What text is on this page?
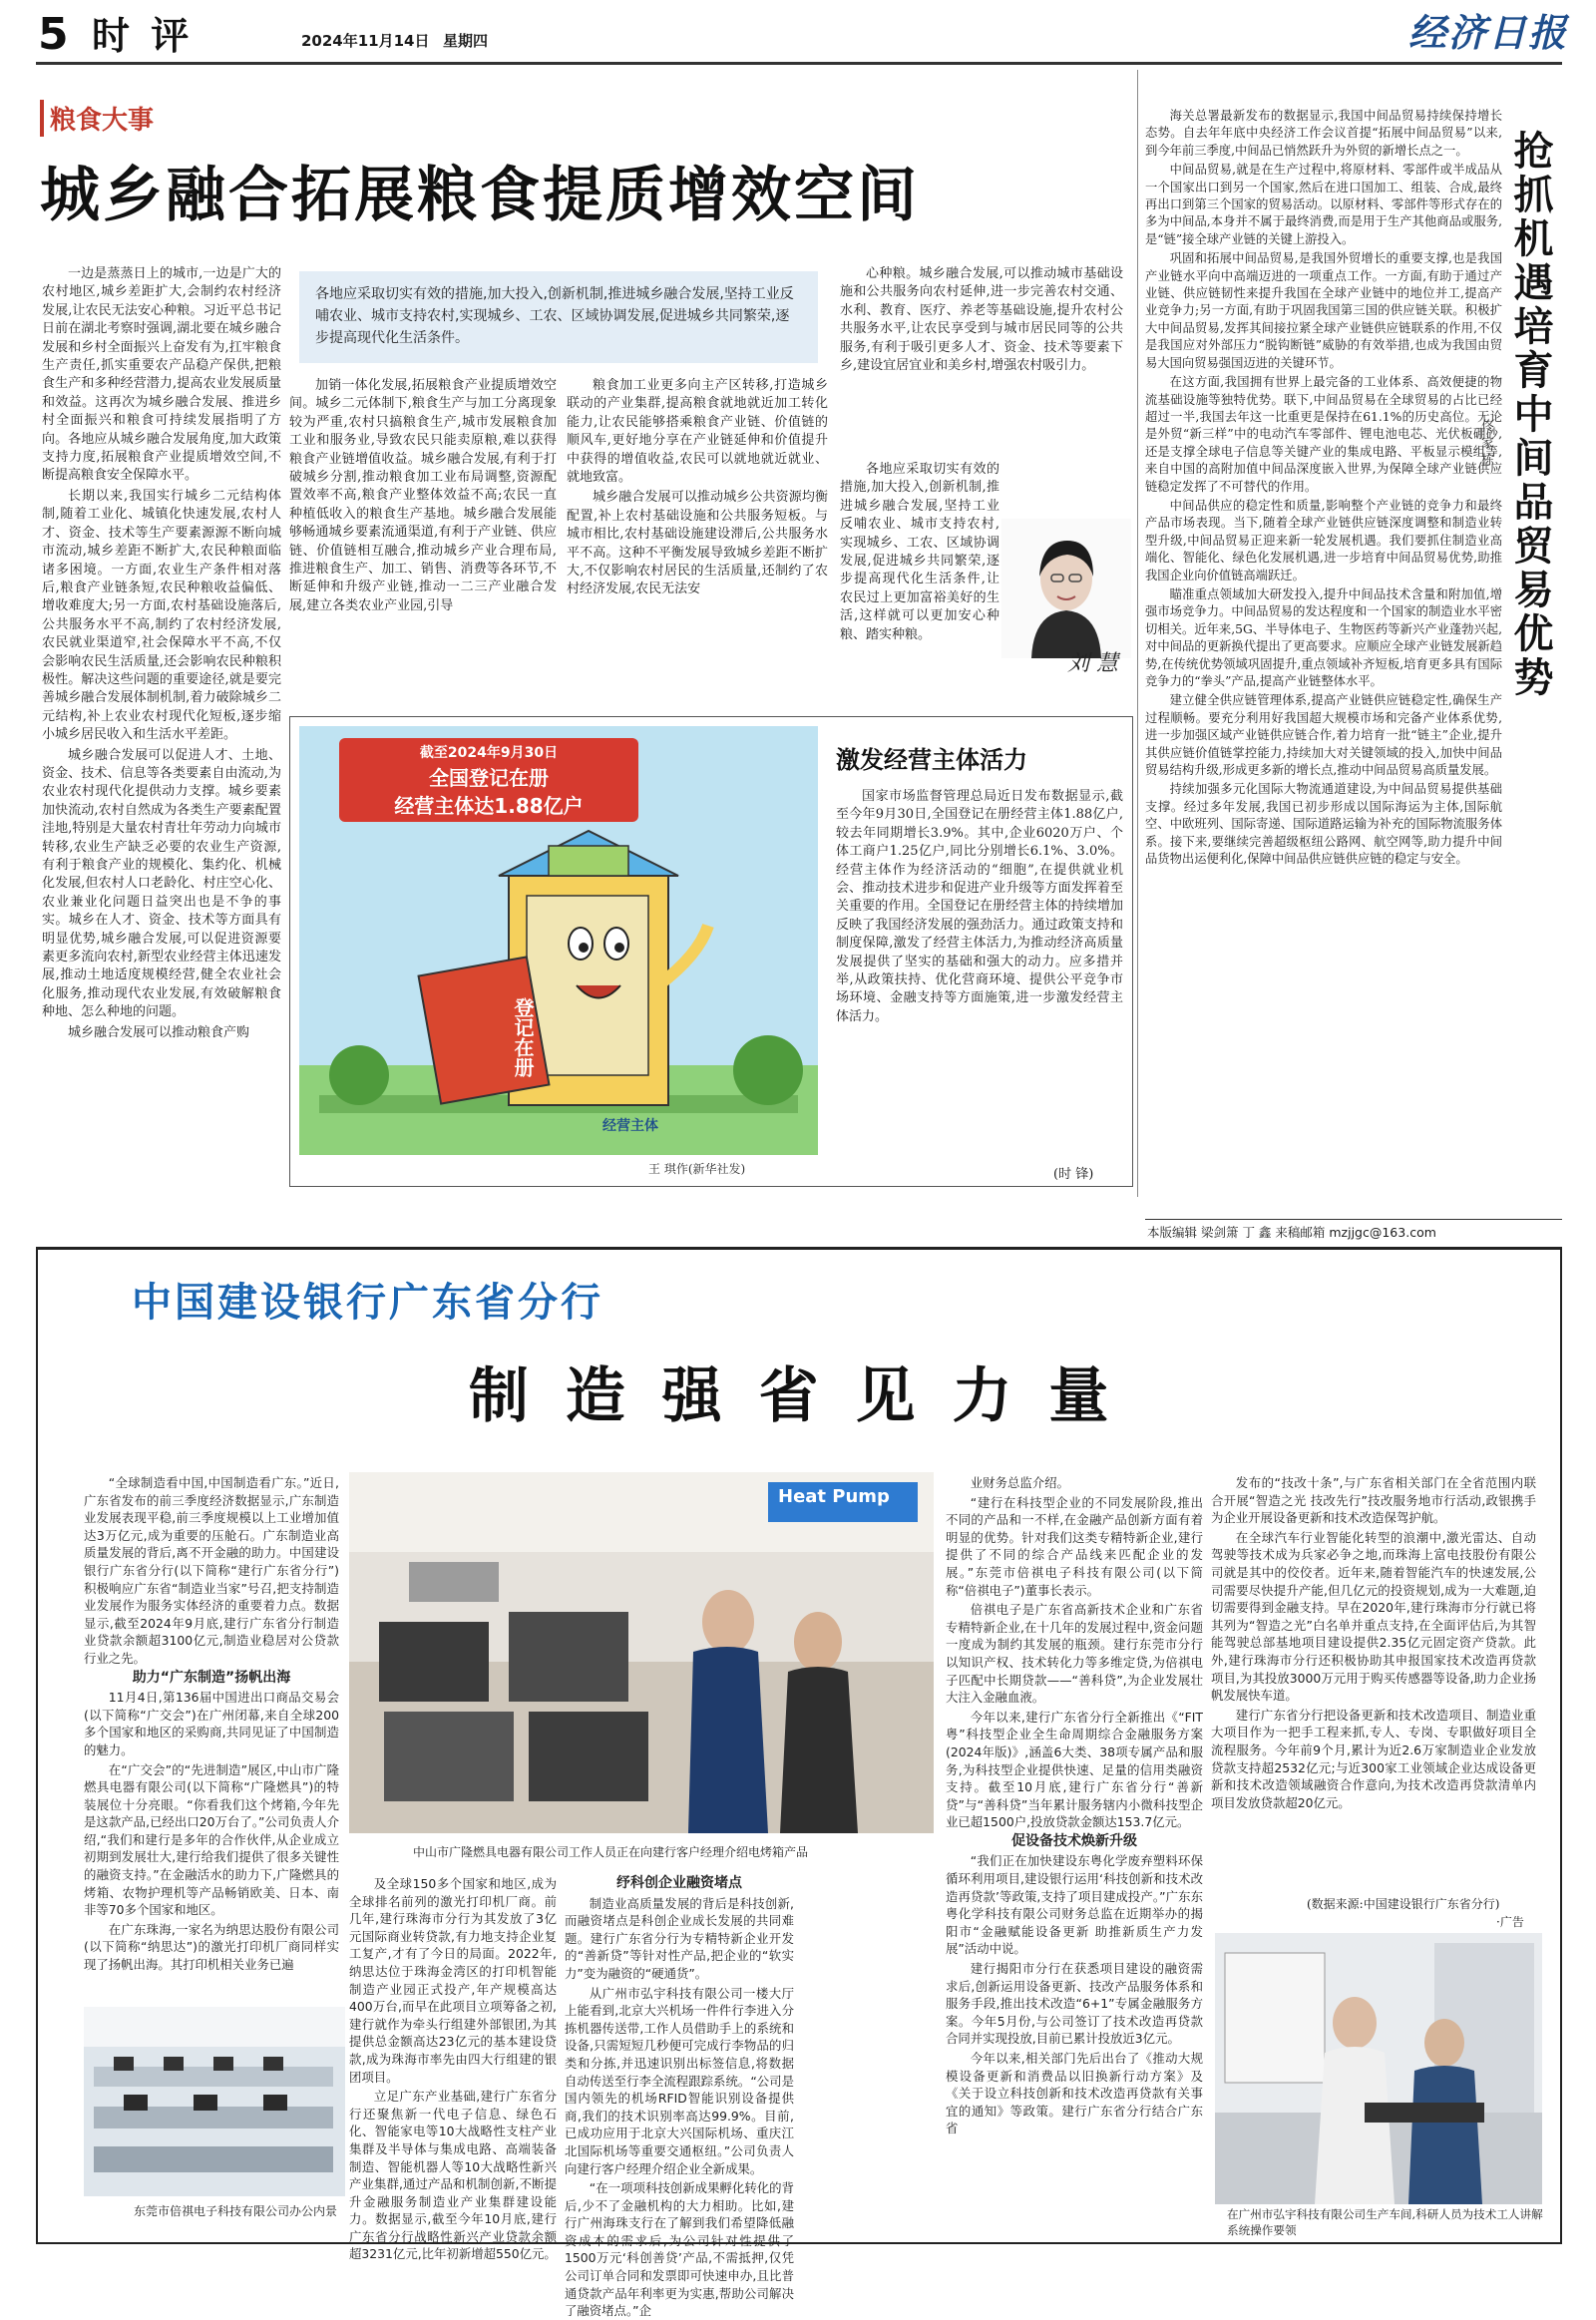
5 时 评	2024年11月14日 星期四	经济日报
粮食大事
城乡融合拓展粮食提质增效空间
各地应采取切实有效的措施,加大投入,创新机制,推进城乡融合发展,坚持工业反哺农业、城市支持农村,实现城乡、工农、区域协调发展,促进城乡共同繁荣,逐步提高现代化生活条件。

一边是蒸蒸日上的城市,一边是广大的农村地区,城乡差距扩大,会制约农村经济发展,让农民无法安心种粮。习近平总书记日前在湖北考察时强调,湖北要在城乡融合发展和乡村全面振兴上奋发有为,扛牢粮食生产责任,抓实重要农产品稳产保供,把粮食生产和多种经营潜力,提高农业发展质量和效益。这再次为城乡融合发展、推进乡村全面振兴和粮食可持续发展指明了方向。各地应从城乡融合发展角度,加大政策支持力度,拓展粮食产业提质增效空间,不断提高粮食安全保障水平。

长期以来,我国实行城乡二元结构体制,随着工业化、城镇化快速发展,农村人才、资金、技术等生产要素源源不断向城市流动,城乡差距不断扩大,农民种粮面临诸多困境。一方面,农业生产条件相对落后,粮食产业链条短,农民种粮收益偏低、增收难度大;另一方面,农村基础设施落后,公共服务水平不高,制约了农村经济发展,农民就业渠道窄,社会保障水平不高,不仅会影响农民生活质量,还会影响农民种粮积极性。解决这些问题的重要途径,就是要完善城乡融合发展体制机制,着力破除城乡二元结构,补上农业农村现代化短板,逐步缩小城乡居民收入和生活水平差距。

城乡融合发展可以促进人才、土地、资金、技术、信息等各类要素自由流动,为农业农村现代化提供动力支撑。城乡要素加快流动,农村自然成为各类生产要素配置洼地,特别是大量农村青壮年劳动力向城市转移,农业生产缺乏必要的农业生产资源,有利于粮食产业的规模化、集约化、机械化发展,但农村人口老龄化、村庄空心化、农业兼业化问题日益突出也是不争的事实。城乡在人才、资金、技术等方面具有明显优势,城乡融合发展,可以促进资源要素更多流向农村,新型农业经营主体迅速发展,推动土地适度规模经营,健全农业社会化服务,推动现代农业发展,有效破解粮食种地、怎么种地的问题。

城乡融合发展可以推动粮食产购

加销一体化发展,拓展粮食产业提质增效空间。城乡二元体制下,粮食生产与加工分离现象较为严重,农村只搞粮食生产,城市发展粮食加工业和服务业,导致农民只能卖原粮,难以获得粮食产业链增值收益。城乡融合发展,有利于打破城乡分割,推动粮食加工业布局调整,资源配置效率不高,粮食产业整体效益不高;农民一直种植低收入的粮食生产基地。城乡融合发展能够畅通城乡要素流通渠道,有利于产业链、供应链、价值链相互融合,推动城乡产业合理布局,推进粮食生产、加工、销售、消费等各环节,不断延伸和升级产业链,推动一二三产业融合发展,建立各类农业产业园,引导

粮食加工业更多向主产区转移,打造城乡联动的产业集群,提高粮食就地就近加工转化能力,让农民能够搭乘粮食产业链、价值链的顺风车,更好地分享在产业链延伸和价值提升中获得的增值收益,农民可以就地就近就业、就地致富。

城乡融合发展可以推动城乡公共资源均衡配置,补上农村基础设施和公共服务短板。与城市相比,农村基础设施建设滞后,公共服务水平不高。这种不平衡发展导致城乡差距不断扩大,不仅影响农村居民的生活质量,还制约了农村经济发展,农民无法安

心种粮。城乡融合发展,可以推动城市基础设施和公共服务向农村延伸,进一步完善农村交通、水利、教育、医疗、养老等基础设施,提升农村公共服务水平,让农民享受到与城市居民同等的公共服务,有利于吸引更多人才、资金、技术等要素下乡,建设宜居宜业和美乡村,增强农村吸引力。

各地应采取切实有效的措施,加大投入,创新机制,推进城乡融合发展,坚持工业反哺农业、城市支持农村,实现城乡、工农、区域协调发展,促进城乡共同繁荣,逐步提高现代化生活条件,让农民过上更加富裕美好的生活,这样就可以更加安心种粮、踏实种粮。

刘 慧
截至2024年9月30日
全国登记在册
经营主体达1.88亿户
登记在册
经营主体
王 琪作(新华社发)
激发经营主体活力

国家市场监督管理总局近日发布数据显示,截至今年9月30日,全国登记在册经营主体1.88亿户,较去年同期增长3.9%。其中,企业6020万户、个体工商户1.25亿户,同比分别增长6.1%、3.0%。经营主体作为经济活动的“细胞”,在提供就业机会、推动技术进步和促进产业升级等方面发挥着至关重要的作用。全国登记在册经营主体的持续增加反映了我国经济发展的强劲活力。通过政策支持和制度保障,激发了经营主体活力,为推动经济高质量发展提供了坚实的基础和强大的动力。应多措并举,从政策扶持、优化营商环境、提供公平竞争市场环境、金融支持等方面施策,进一步激发经营主体活力。

(时 锋)

海关总署最新发布的数据显示,我国中间品贸易持续保持增长态势。自去年年底中央经济工作会议首提“拓展中间品贸易”以来,到今年前三季度,中间品已悄然跃升为外贸的新增长点之一。

中间品贸易,就是在生产过程中,将原材料、零部件或半成品从一个国家出口到另一个国家,然后在进口国加工、组装、合成,最终再出口到第三个国家的贸易活动。以原材料、零部件等形式存在的多为中间品,本身并不属于最终消费,而是用于生产其他商品或服务,是“链”接全球产业链的关键上游投入。

巩固和拓展中间品贸易,是我国外贸增长的重要支撑,也是我国产业链水平向中高端迈进的一项重点工作。一方面,有助于通过产业链、供应链韧性来提升我国在全球产业链中的地位并工,提高产业竞争力;另一方面,有助于巩固我国第三国的供应链关联。积极扩大中间品贸易,发挥其间接拉紧全球产业链供应链联系的作用,不仅是我国应对外部压力“脱钩断链”威胁的有效举措,也成为我国由贸易大国向贸易强国迈进的关键环节。

在这方面,我国拥有世界上最完备的工业体系、高效便捷的物流基础设施等独特优势。联下,中间品贸易在全球贸易的占比已经超过一半,我国去年这一比重更是保持在61.1%的历史高位。无论是外贸“新三样”中的电动汽车零部件、锂电池电芯、光伏板硼砂,还是支撑全球电子信息等关键产业的集成电路、平板显示模组等,来自中国的高附加值中间品深度嵌入世界,为保障全球产业链供应链稳定发挥了不可替代的作用。

中间品供应的稳定性和质量,影响整个产业链的竞争力和最终产品市场表现。当下,随着全球产业链供应链深度调整和制造业转型升级,中间品贸易正迎来新一轮发展机遇。我们要抓住制造业高端化、智能化、绿色化发展机遇,进一步培育中间品贸易优势,助推我国企业向价值链高端跃迁。

瞄准重点领域加大研发投入,提升中间品技术含量和附加值,增强市场竞争力。中间品贸易的发达程度和一个国家的制造业水平密切相关。近年来,5G、半导体电子、生物医药等新兴产业蓬勃兴起,对中间品的更新换代提出了更高要求。应顺应全球产业链发展新趋势,在传统优势领域巩固提升,重点领域补齐短板,培育更多具有国际竞争力的“拳头”产品,提高产业链整体水平。

建立健全供应链管理体系,提高产业链供应链稳定性,确保生产过程顺畅。要充分利用好我国超大规模市场和完备产业体系优势,进一步加强区域产业链供应链合作,着力培育一批“链主”企业,提升其供应链价值链掌控能力,持续加大对关键领域的投入,加快中间品贸易结构升级,形成更多新的增长点,推动中间品贸易高质量发展。

持续加强多元化国际大物流通道建设,为中间品贸易提供基础支撑。经过多年发展,我国已初步形成以国际海运为主体,国际航空、中欧班列、国际寄递、国际道路运输为补充的国际物流服务体系。接下来,要继续完善超级枢纽公路网、航空网等,助力提升中间品货物出运便利化,保障中间品供应链供应链的稳定与安全。

抢抓机遇培育中间品贸易优势
佟 家 栋
本版编辑 梁剑箫 丁 鑫 来稿邮箱 mzjjgc@163.com
中国建设银行广东省分行
制 造 强 省 见 力 量

“全球制造看中国,中国制造看广东。”近日,广东省发布的前三季度经济数据显示,广东制造业发展表现平稳,前三季度规模以上工业增加值达3万亿元,成为重要的压舱石。广东制造业高质量发展的背后,离不开金融的助力。中国建设银行广东省分行(以下简称“建行广东省分行”)积极响应广东省“制造业当家”号召,把支持制造业发展作为服务实体经济的重要着力点。数据显示,截至2024年9月底,建行广东省分行制造业贷款余额超3100亿元,制造业稳居对公贷款行业之先。

助力“广东制造”扬帆出海

11月4日,第136届中国进出口商品交易会(以下简称“广交会”)在广州闭幕,来自全球200多个国家和地区的采购商,共同见证了中国制造的魅力。

在“广交会”的“先进制造”展区,中山市广隆燃具电器有限公司(以下简称“广隆燃具”)的特装展位十分亮眼。“你看我们这个烤箱,今年先是这款产品,已经出口20万台了。”公司负责人介绍,“我们和建行是多年的合作伙伴,从企业成立初期到发展壮大,建行给我们提供了很多关键性的融资支持。”在金融活水的助力下,广隆燃具的烤箱、农物护理机等产品畅销欧美、日本、南非等70多个国家和地区。

在广东珠海,一家名为纳思达股份有限公司(以下简称“纳思达”)的激光打印机厂商同样实现了扬帆出海。其打印机相关业务已遍

Heat Pump
中山市广隆燃具电器有限公司工作人员正在向建行客户经理介绍电烤箱产品

及全球150多个国家和地区,成为全球排名前列的激光打印机厂商。前几年,建行珠海市分行为其发放了3亿元国际商业转贷款,有力地支持企业复工复产,才有了今日的局面。2022年,纳思达位于珠海金湾区的打印机智能制造产业园正式投产,年产规模高达400万台,而早在此项目立项筹备之初,建行就作为牵头行组建外部银团,为其提供总金额高达23亿元的基本建设贷款,成为珠海市率先由四大行组建的银团项目。

立足广东产业基础,建行广东省分行还聚焦新一代电子信息、绿色石化、智能家电等10大战略性支柱产业集群及半导体与集成电路、高端装备制造、智能机器人等10大战略性新兴产业集群,通过产品和机制创新,不断提升金融服务制造业产业集群建设能力。数据显示,截至今年10月底,建行广东省分行战略性新兴产业贷款余额超3231亿元,比年初新增超550亿元。

东莞市倍祺电子科技有限公司办公内景

纾科创企业融资堵点

制造业高质量发展的背后是科技创新,而融资堵点是科创企业成长发展的共同难题。建行广东省分行为专精特新企业开发的“善新贷”等针对性产品,把企业的“软实力”变为融资的“硬通货”。

从广州市弘宇科技有限公司一楼大厅上能看到,北京大兴机场一件件行李进入分拣机器传送带,工作人员借助手上的系统和设备,只需短短几秒便可完成行李物品的归类和分拣,并迅速识别出标签信息,将数据自动传送至行李全流程跟踪系统。“公司是国内领先的机场RFID智能识别设备提供商,我们的技术识别率高达99.9%。目前,已成功应用于北京大兴国际机场、重庆江北国际机场等重要交通枢纽。”公司负责人向建行客户经理介绍企业全新成果。

“在一项项科技创新成果孵化转化的背后,少不了金融机构的大力相助。比如,建行广州海珠支行在了解到我们希望降低融资成本的需求后,为公司针对性提供了1500万元‘科创善贷’产品,不需抵押,仅凭公司订单合同和发票即可快速申办,且比普通贷款产品年利率更为实惠,帮助公司解决了融资堵点。”企

业财务总监介绍。

“建行在科技型企业的不同发展阶段,推出不同的产品和一不样,在金融产品创新方面有着明显的优势。针对我们这类专精特新企业,建行提供了不同的综合产品线来匹配企业的发展。”东莞市倍祺电子科技有限公司(以下简称“倍祺电子”)董事长表示。

倍祺电子是广东省高新技术企业和广东省专精特新企业,在十几年的发展过程中,资金问题一度成为制约其发展的瓶颈。建行东莞市分行以知识产权、技术转化力等多维定贷,为倍祺电子匹配中长期贷款——“善科贷”,为企业发展壮大注入金融血液。

今年以来,建行广东省分行全新推出《“FIT粤”科技型企业全生命周期综合金融服务方案(2024年版)》,涵盖6大类、38项专属产品和服务,为科技型企业提供快速、足量的信用类融资支持。截至10月底,建行广东省分行“善新贷”与“善科贷”当年累计服务辖内小微科技型企业已超1500户,投放贷款金额达153.7亿元。

促设备技术焕新升级

“我们正在加快建设东粤化学废弃塑料环保循环利用项目,建设银行运用‘科技创新和技术改造再贷款’等政策,支持了项目建成投产。”广东东粤化学科技有限公司财务总监在近期举办的揭阳市“金融赋能设备更新 助推新质生产力发展”活动中说。

建行揭阳市分行在获悉项目建设的融资需求后,创新运用设备更新、技改产品服务体系和服务手段,推出技术改造“6+1”专属金融服务方案。今年5月份,与公司签订了技术改造再贷款合同并实现投放,目前已累计投放近3亿元。

今年以来,相关部门先后出台了《推动大规模设备更新和消费品以旧换新行动方案》及《关于设立科技创新和技术改造再贷款有关事宜的通知》等政策。建行广东省分行结合广东省

发布的“技改十条”,与广东省相关部门在全省范围内联合开展“智造之光 技改先行”技改服务地市行活动,政银携手为企业开展设备更新和技术改造保驾护航。

在全球汽车行业智能化转型的浪潮中,激光雷达、自动驾驶等技术成为兵家必争之地,而珠海上富电技股份有限公司就是其中的佼佼者。近年来,随着智能汽车的快速发展,公司需要尽快提升产能,但几亿元的投资规划,成为一大难题,迫切需要得到金融支持。早在2020年,建行珠海市分行就已将其列为“智造之光”白名单并重点支持,在全面评估后,为其智能驾驶总部基地项目建设提供2.35亿元固定资产贷款。此外,建行珠海市分行还积极协助其申报国家技术改造再贷款项目,为其投放3000万元用于购买传感器等设备,助力企业扬帆发展快车道。

建行广东省分行把设备更新和技术改造项目、制造业重大项目作为一把手工程来抓,专人、专岗、专职做好项目全流程服务。今年前9个月,累计为近2.6万家制造业企业发放贷款支持超2532亿元;与近300家工业领域企业达成设备更新和技术改造领域融资合作意向,为技术改造再贷款清单内项目发放贷款超20亿元。

(数据来源:中国建设银行广东省分行)
·广告
在广州市弘宇科技有限公司生产车间,科研人员为技术工人讲解系统操作要领
